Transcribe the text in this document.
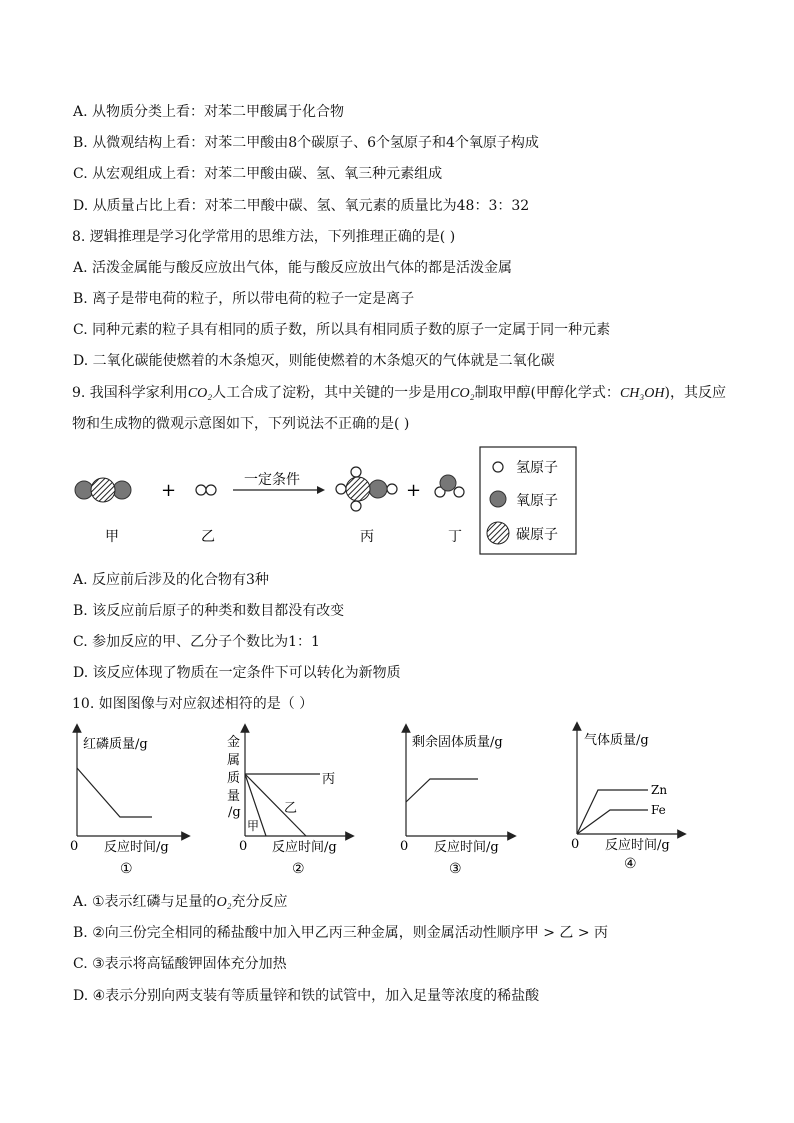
A. 从物质分类上看：对苯二甲酸属于化合物
B. 从微观结构上看：对苯二甲酸由8个碳原子、6个氢原子和4个氧原子构成
C. 从宏观组成上看：对苯二甲酸由碳、氢、氧三种元素组成
D. 从质量占比上看：对苯二甲酸中碳、氢、氧元素的质量比为48：3：32
8. 逻辑推理是学习化学常用的思维方法，下列推理正确的是( )
A. 活泼金属能与酸反应放出气体，能与酸反应放出气体的都是活泼金属
B. 离子是带电荷的粒子，所以带电荷的粒子一定是离子
C. 同种元素的粒子具有相同的质子数，所以具有相同质子数的原子一定属于同一种元素
D. 二氧化碳能使燃着的木条熄灭，则能使燃着的木条熄灭的气体就是二氧化碳
9. 我国科学家利用CO₂人工合成了淀粉，其中关键的一步是用CO₂制取甲醇(甲醇化学式：CH₃OH)，其反应
物和生成物的微观示意图如下，下列说法不正确的是( )
+	一定条件	+
甲	乙	丙	丁
氢原子
氧原子
碳原子
A. 反应前后涉及的化合物有3种
B. 该反应前后原子的种类和数目都没有改变
C. 参加反应的甲、乙分子个数比为1：1
D. 该反应体现了物质在一定条件下可以转化为新物质
10. 如图图像与对应叙述相符的是（ ）
红磷质量/g
0 反应时间/g
①
金
属
质
量
/g
丙
乙
甲
0 反应时间/g
②
剩余固体质量/g
0 反应时间/g
③
气体质量/g
Zn
Fe
0 反应时间/g
④
A. ①表示红磷与足量的O₂充分反应
B. ②向三份完全相同的稀盐酸中加入甲乙丙三种金属，则金属活动性顺序甲 > 乙 > 丙
C. ③表示将高锰酸钾固体充分加热
D. ④表示分别向两支装有等质量锌和铁的试管中，加入足量等浓度的稀盐酸
